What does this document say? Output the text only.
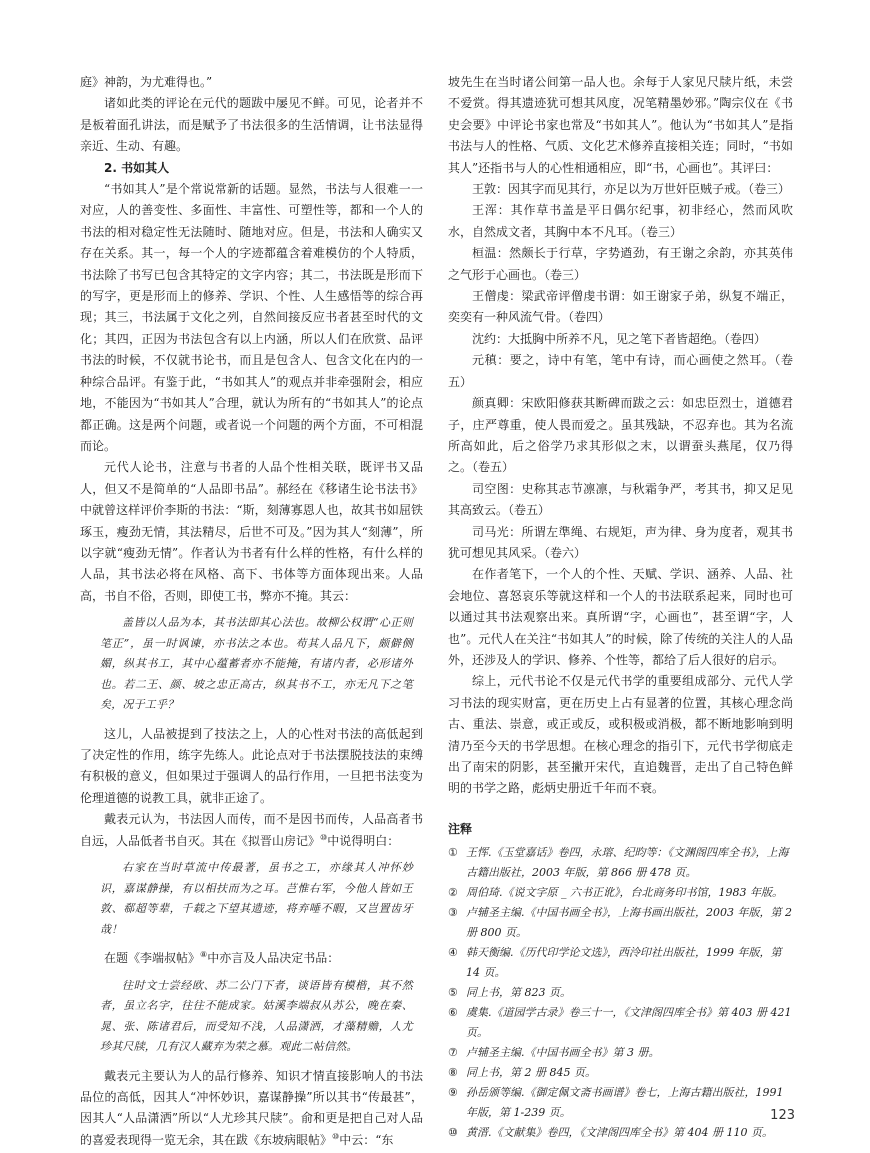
庭》神韵，为尤难得也。”

诸如此类的评论在元代的题跋中屡见不鲜。可见，论者并不是板着面孔讲法，而是赋予了书法很多的生活情调，让书法显得亲近、生动、有趣。

2. 书如其人

“书如其人”是个常说常新的话题。显然，书法与人很难一一对应，人的善变性、多面性、丰富性、可塑性等，都和一个人的书法的相对稳定性无法随时、随地对应。但是，书法和人确实又存在关系。其一，每一个人的字迹都蕴含着难模仿的个人特质，书法除了书写已包含其特定的文字内容；其二，书法既是形而下的写字，更是形而上的修养、学识、个性、人生感悟等的综合再现；其三，书法属于文化之列，自然间接反应书者甚至时代的文化；其四，正因为书法包含有以上内涵，所以人们在欣赏、品评书法的时候，不仅就书论书，而且是包含人、包含文化在内的一种综合品评。有鉴于此，“书如其人”的观点并非牵强附会，相应地，不能因为“书如其人”合理，就认为所有的“书如其人”的论点都正确。这是两个问题，或者说一个问题的两个方面，不可相混而论。

元代人论书，注意与书者的人品个性相关联，既评书又品人，但又不是简单的“人品即书品”。郝经在《移诸生论书法书》中就曾这样评价李斯的书法：“斯，刻薄寡恩人也，故其书如屈铁琢玉，瘦劲无情，其法精尽，后世不可及。”因为其人“刻薄”，所以字就“瘦劲无情”。作者认为书者有什么样的性格，有什么样的人品，其书法必将在风格、高下、书体等方面体现出来。人品高，书自不俗，否则，即使工书，弊亦不掩。其云：

盖皆以人品为本，其书法即其心法也。故柳公权谓“心正则笔正”，虽一时讽谏，亦书法之本也。苟其人品凡下，颇僻侧媚，纵其书工，其中心蕴蓄者亦不能掩，有诸内者，必形诸外也。若二王、颜、坡之忠正高古，纵其书不工，亦无凡下之笔矣，况于工乎？

这儿，人品被提到了技法之上，人的心性对书法的高低起到了决定性的作用，练字先练人。此论点对于书法摆脱技法的束缚有积极的意义，但如果过于强调人的品行作用，一旦把书法变为伦理道德的说教工具，就非正途了。

戴表元认为，书法因人而传，而不是因书而传，人品高者书自远，人品低者书自灭。其在《拟晋山房记》⑩中说得明白：

右家在当时草流中传最著，虽书之工，亦缘其人冲怀妙识，嘉谋静操，有以相扶而为之耳。芑惟右军，今他人皆如王敦、郗超等辈，千载之下望其遗迹，将弃唾不暇，又岂置齿牙哉！

在题《李端叔帖》⑧中亦言及人品决定书品：

往时文士尝经欧、苏二公门下者，谈语皆有模楷，其不然者，虽立名字，往往不能成家。姑溪李端叔从苏公，晚在秦、晁、张、陈诸君后，而受知不浅，人品潇洒，才藻精赡，人尤珍其尺牍，几有汉人藏弃为荣之慕。观此二帖信然。

戴表元主要认为人的品行修养、知识才情直接影响人的书法品位的高低，因其人“冲怀妙识，嘉谋静操”所以其书“传最甚”，因其人“人品潇洒”所以“人尤珍其尺牍”。俞和更是把自己对人品的喜爱表现得一览无余，其在跋《东坡病眼帖》⑩中云：“东

坡先生在当时诸公间第一品人也。余每于人家见尺牍片纸，未尝不爱赏。得其遗迹犹可想其风度，况笔精墨妙邪。”陶宗仪在《书史会要》中评论书家也常及“书如其人”。他认为“书如其人”是指书法与人的性格、气质、文化艺术修养直接相关连；同时，“书如其人”还指书与人的心性相通相应，即“书，心画也”。其评曰：

王敦：因其字而见其行，亦足以为万世奸臣贼子戒。（卷三）

王浑：其作草书盖是平日偶尔纪事，初非经心，然而风吹水，自然成文者，其胸中本不凡耳。（卷三）

桓温：然颇长于行草，字势遒劲，有王谢之余韵，亦其英伟之气形于心画也。（卷三）

王僧虔：梁武帝评僧虔书谓：如王谢家子弟，纵复不端正，奕奕有一种风流气骨。（卷四）

沈约：大抵胸中所养不凡，见之笔下者皆超绝。（卷四）

元稹：要之，诗中有笔，笔中有诗，而心画使之然耳。（卷五）

颜真卿：宋欧阳修获其断碑而跋之云：如忠臣烈士，道德君子，庄严尊重，使人畏而爱之。虽其残缺，不忍弃也。其为名流所高如此，后之俗学乃求其形似之末，以谓蚕头燕尾，仅乃得之。（卷五）

司空图：史称其志节凛凛，与秋霜争严，考其书，抑又足见其高致云。（卷五）

司马光：所谓左準绳、右规矩，声为律、身为度者，观其书犹可想见其风采。（卷六）

在作者笔下，一个人的个性、天赋、学识、涵养、人品、社会地位、喜怒哀乐等就这样和一个人的书法联系起来，同时也可以通过其书法观察出来。真所谓“字，心画也”，甚至谓“字，人也”。元代人在关注“书如其人”的时候，除了传统的关注人的人品外，还涉及人的学识、修养、个性等，都给了后人很好的启示。

综上，元代书论不仅是元代书学的重要组成部分、元代人学习书法的现实财富，更在历史上占有显著的位置，其核心理念尚古、重法、崇意，或正或反，或积极或消极，都不断地影响到明清乃至今天的书学思想。在核心理念的指引下，元代书学彻底走出了南宋的阴影，甚至撇开宋代，直追魏晋，走出了自己特色鲜明的书学之路，彪炳史册近千年而不衰。

注释
① 王恽.《玉堂嘉话》卷四，永瑢、纪昀等：《文渊阁四库全书》，上海古籍出版社，2003 年版，第 866 册 478 页。
② 周伯琦.《说文字原 _ 六书正讹》，台北商务印书馆，1983 年版。
③ 卢辅圣主编.《中国书画全书》，上海书画出版社，2003 年版，第 2 册 800 页。
④ 韩天衡编.《历代印学论文选》，西泠印社出版社，1999 年版，第 14 页。
⑤ 同上书，第 823 页。
⑥ 虞集.《道园学古录》卷三十一，《文津阁四库全书》第 403 册 421 页。
⑦ 卢辅圣主编.《中国书画全书》第 3 册。
⑧ 同上书，第 2 册 845 页。
⑨ 孙岳颁等编.《御定佩文斋书画谱》卷七，上海古籍出版社，1991 年版，第 1-239 页。
⑩ 黄溍.《文献集》卷四，《文津阁四库全书》第 404 册 110 页。
123
